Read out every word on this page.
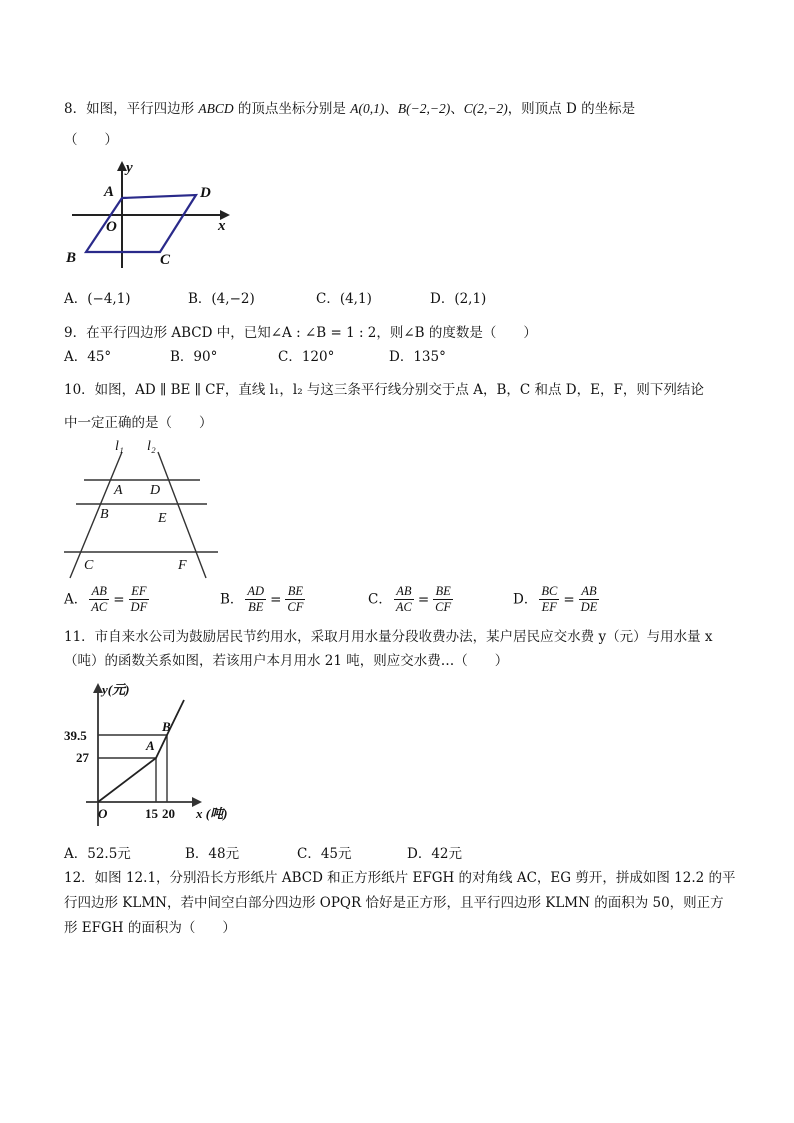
8．如图，平行四边形 ABCD 的顶点坐标分别是 A(0,1)、B(−2,−2)、C(2,−2)，则顶点 D 的坐标是
（　　）
y
A	D
O	x
B	C
A．(−4,1)	B．(4,−2)	C．(4,1)	D．(2,1)
9．在平行四边形 ABCD 中，已知∠A : ∠B = 1 : 2，则∠B 的度数是（　　）
A．45°	B．90°	C．120°	D．135°
10．如图，AD ∥ BE ∥ CF，直线 l₁，l₂ 与这三条平行线分别交于点 A，B，C 和点 D，E，F，则下列结论
中一定正确的是（　　）
l₁ l₂
A D
B	E
C	F
A． $\frac{AB}{AC} = \frac{EF}{DF}$	B． $\frac{AD}{BE} = \frac{BE}{CF}$	C． $\frac{AB}{AC} = \frac{BE}{CF}$	D． $\frac{BC}{EF} = \frac{AB}{DE}$
11．市自来水公司为鼓励居民节约用水，采取月用水量分段收费办法，某户居民应交水费 y（元）与用水量 x
（吨）的函数关系如图，若该用户本月用水 21 吨，则应交水费…（　　）
y(元)
B
A
39.5
27
O	15 20 x (吨)
A．52.5元	B．48元	C．45元	D．42元
12．如图 12.1，分别沿长方形纸片 ABCD 和正方形纸片 EFGH 的对角线 AC，EG 剪开，拼成如图 12.2 的平
行四边形 KLMN，若中间空白部分四边形 OPQR 恰好是正方形，且平行四边形 KLMN 的面积为 50，则正方
形 EFGH 的面积为（　　）
